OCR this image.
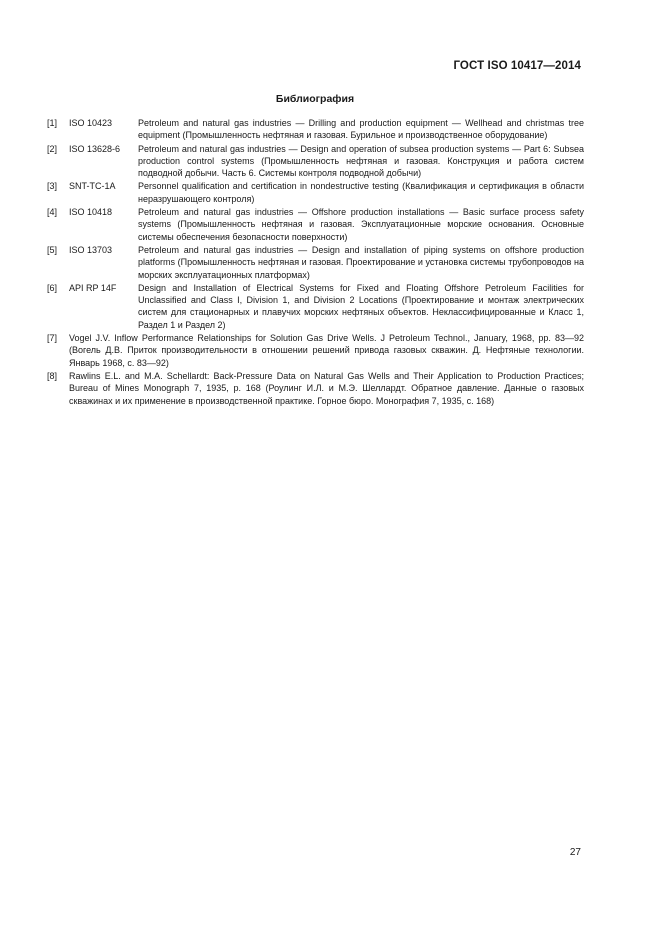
ГОСТ ISO 10417—2014
Библиография
[1] ISO 10423	Petroleum and natural gas industries — Drilling and production equipment — Wellhead and christmas tree equipment (Промышленность нефтяная и газовая. Бурильное и производственное оборудование)
[2] ISO 13628-6 Petroleum and natural gas industries — Design and operation of subsea production systems — Part 6: Subsea production control systems (Промышленность нефтяная и газовая. Конструкция и работа систем подводной добычи. Часть 6. Системы контроля подводной добычи)
[3] SNT-TC-1A Personnel qualification and certification in nondestructive testing (Квалификация и сертификация в области неразрушающего контроля)
[4] ISO 10418	Petroleum and natural gas industries — Offshore production installations — Basic surface process safety systems (Промышленность нефтяная и газовая. Эксплуатационные морские основания. Основные системы обеспечения безопасности поверхности)
[5] ISO 13703	Petroleum and natural gas industries — Design and installation of piping systems on offshore production platforms (Промышленность нефтяная и газовая. Проектирование и установка системы трубопроводов на морских эксплуатационных платформах)
[6] API RP 14F Design and Installation of Electrical Systems for Fixed and Floating Offshore Petroleum Facilities for Unclassified and Class I, Division 1, and Division 2 Locations (Проектирование и монтаж электрических систем для стационарных и плавучих морских нефтяных объектов. Неклассифицированные и Класс 1, Раздел 1 и Раздел 2)
[7] Vogel J.V. Inflow Performance Relationships for Solution Gas Drive Wells. J Petroleum Technol., January, 1968, pp. 83—92 (Вогель Д.В. Приток производительности в отношении решений привода газовых скважин. Д. Нефтяные технологии. Январь 1968, с. 83—92)
[8] Rawlins E.L. and M.A. Schellardt: Back-Pressure Data on Natural Gas Wells and Their Application to Production Practices; Bureau of Mines Monograph 7, 1935, p. 168 (Роулинг И.Л. и М.Э. Шеллардт. Обратное давление. Данные о газовых скважинах и их применение в производственной практике. Горное бюро. Монография 7, 1935, с. 168)
27
